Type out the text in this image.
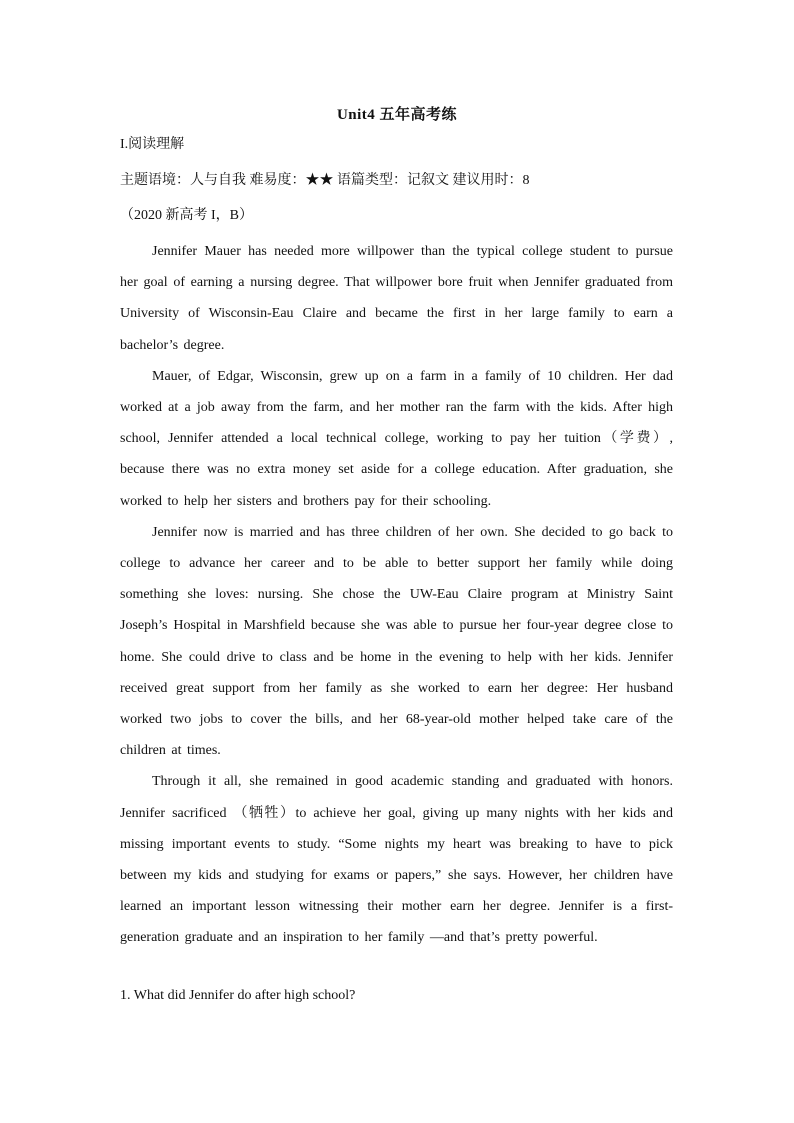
Unit4 五年高考练
I.阅读理解
主题语境：人与自我 难易度：★★ 语篇类型：记叙文 建议用时：8
（2020 新高考 I，B）

Jennifer Mauer has needed more willpower than the typical college student to pursue her goal of earning a nursing degree. That willpower bore fruit when Jennifer graduated from University of Wisconsin-Eau Claire and became the first in her large family to earn a bachelor’s degree.

Mauer, of Edgar, Wisconsin, grew up on a farm in a family of 10 children. Her dad worked at a job away from the farm, and her mother ran the farm with the kids. After high school, Jennifer attended a local technical college, working to pay her tuition（学费）, because there was no extra money set aside for a college education. After graduation, she worked to help her sisters and brothers pay for their schooling.

Jennifer now is married and has three children of her own. She decided to go back to college to advance her career and to be able to better support her family while doing something she loves: nursing. She chose the UW-Eau Claire program at Ministry Saint Joseph’s Hospital in Marshfield because she was able to pursue her four-year degree close to home. She could drive to class and be home in the evening to help with her kids. Jennifer received great support from her family as she worked to earn her degree: Her husband worked two jobs to cover the bills, and her 68-year-old mother helped take care of the children at times.

Through it all, she remained in good academic standing and graduated with honors. Jennifer sacrificed （牺牲）to achieve her goal, giving up many nights with her kids and missing important events to study. “Some nights my heart was breaking to have to pick between my kids and studying for exams or papers,” she says. However, her children have learned an important lesson witnessing their mother earn her degree. Jennifer is a first-generation graduate and an inspiration to her family —and that’s pretty powerful.

1. What did Jennifer do after high school?
